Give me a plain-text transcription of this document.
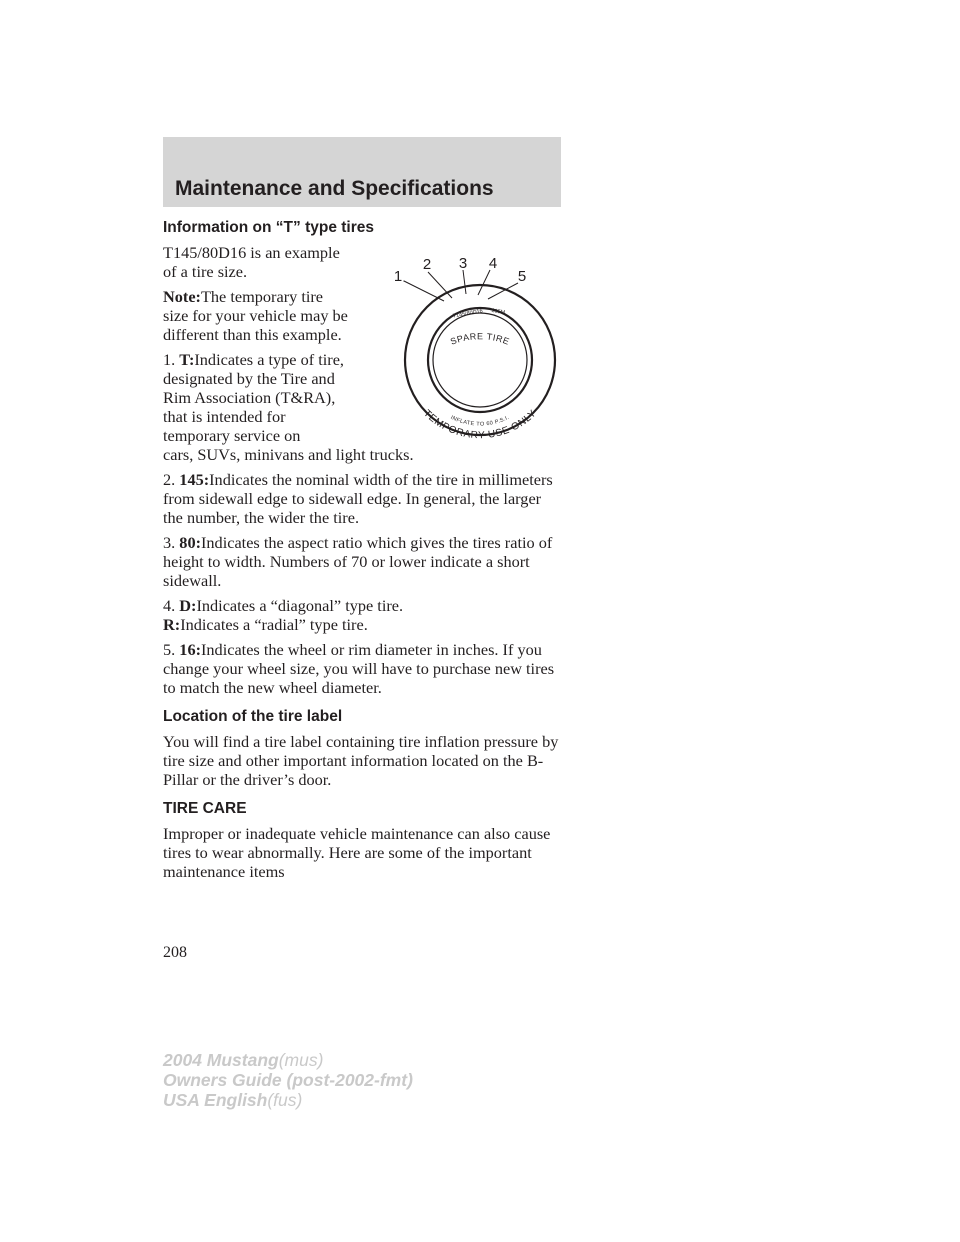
Maintenance and Specifications
Information on “T” type tires

T145/80D16 is an example of a tire size.

Note:The temporary tire size for your vehicle may be different than this example.

1. T:Indicates a type of tire, designated by the Tire and Rim Association (T&RA), that is intended for temporary service on

cars, SUVs, minivans and light trucks.

2. 145:Indicates the nominal width of the tire in millimeters from sidewall edge to sidewall edge. In general, the larger the number, the wider the tire.

3. 80:Indicates the aspect ratio which gives the tires ratio of height to width. Numbers of 70 or lower indicate a short sidewall.

4. D:Indicates a “diagonal” type tire.

R:Indicates a “radial” type tire.

5. 16:Indicates the wheel or rim diameter in inches. If you change your wheel size, you will have to purchase new tires to match the new wheel diameter.

Location of the tire label

You will find a tire label containing tire inflation pressure by tire size and other important information located on the B-Pillar or the driver’s door.

TIRE CARE

Improper or inadequate vehicle maintenance can also cause tires to wear abnormally. Here are some of the important maintenance items

1
2 3 4
5
SPARE TIRE
T145/80D16 105M
TEMPORARY USE ONLY
INFLATE TO 60 P.S.I.
208
2004 Mustang(mus)
Owners Guide (post-2002-fmt)
USA English(fus)
